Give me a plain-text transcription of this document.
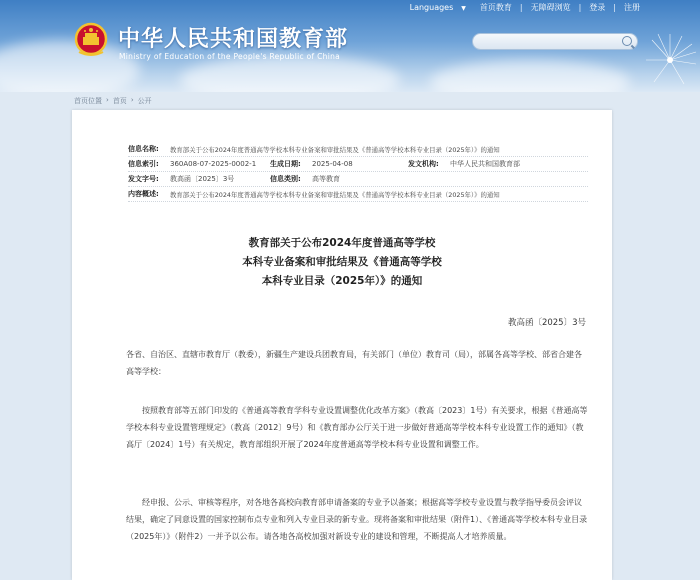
Languages ▼ 首页教育 | 无障碍浏览 | 登录 | 注册
中华人民共和国教育部
Ministry of Education of the People's Republic of China
首页位置 › 首页 › 公开
信息名称:	教育部关于公布2024年度普通高等学校本科专业备案和审批结果及《普通高等学校本科专业目录（2025年）》的通知
信息索引:	360A08-07-2025-0002-1	生成日期:	2025-04-08	发文机构:	中华人民共和国教育部
发文字号:	教高函〔2025〕3号	信息类别:	高等教育
内容概述:	教育部关于公布2024年度普通高等学校本科专业备案和审批结果及《普通高等学校本科专业目录（2025年）》的通知
教育部关于公布2024年度普通高等学校
本科专业备案和审批结果及《普通高等学校
本科专业目录（2025年）》的通知
教高函〔2025〕3号
各省、自治区、直辖市教育厅（教委），新疆生产建设兵团教育局，有关部门（单位）教育司（局），部属各高等学校、部省合建各高等学校：
按照教育部等五部门印发的《普通高等教育学科专业设置调整优化改革方案》（教高〔2023〕1号）有关要求，根据《普通高等学校本科专业设置管理规定》（教高〔2012〕9号）和《教育部办公厅关于进一步做好普通高等学校本科专业设置工作的通知》（教高厅〔2024〕1号）有关规定，教育部组织开展了2024年度普通高等学校本科专业设置和调整工作。
经申报、公示、审核等程序，对各地各高校向教育部申请备案的专业予以备案；根据高等学校专业设置与教学指导委员会评议结果，确定了同意设置的国家控制布点专业和列入专业目录的新专业。现将备案和审批结果（附件1）、《普通高等学校本科专业目录（2025年）》（附件2）一并予以公布。请各地各高校加强对新设专业的建设和管理，不断提高人才培养质量。
